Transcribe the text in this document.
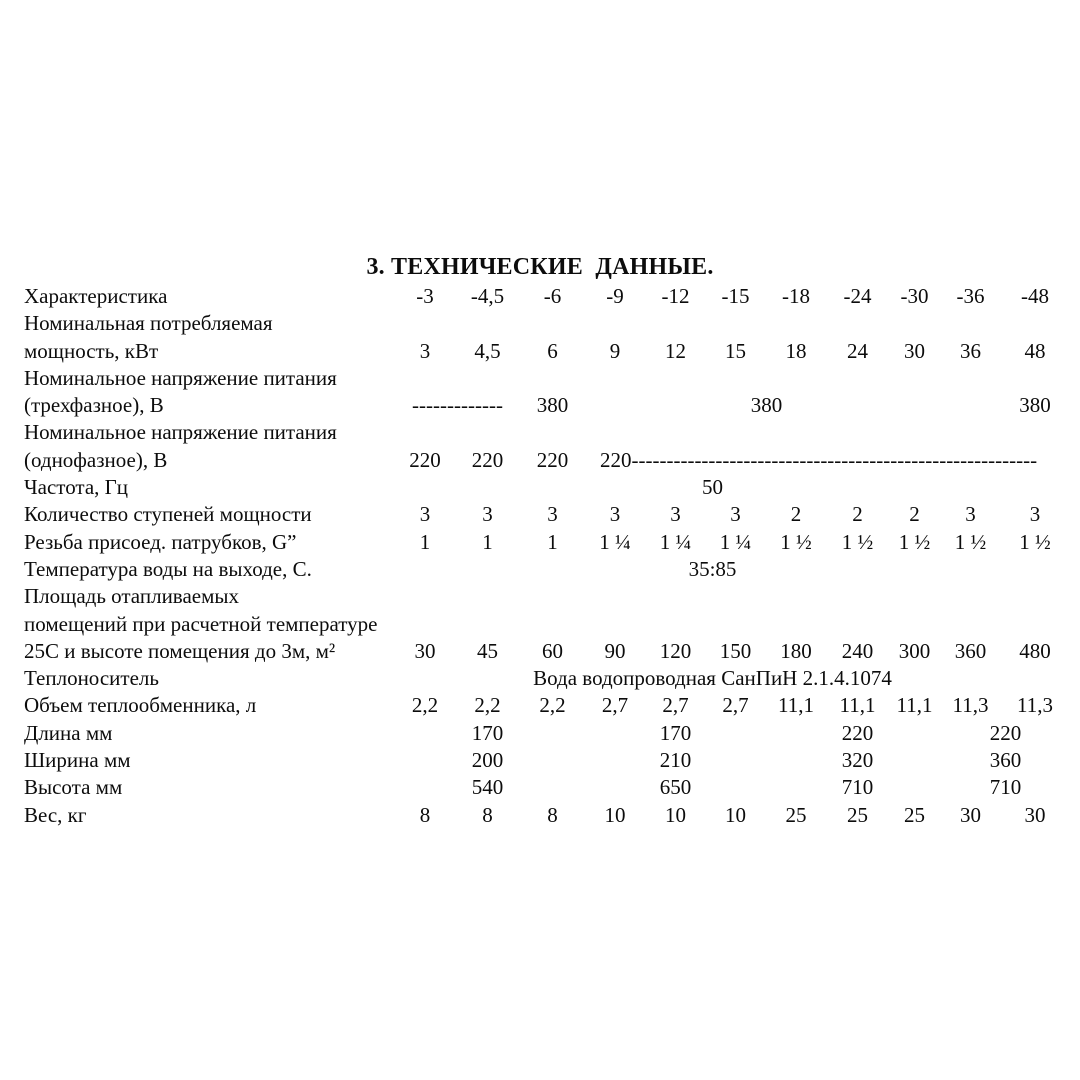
3. ТЕХНИЧЕСКИЕ  ДАННЫЕ.
Характеристика	-3	-4,5	-6	-9	-12	-15	-18	-24	-30	-36	-48
Номинальная потребляемая											
мощность, кВт	3	4,5	6	9	12	15	18	24	30	36	48
Номинальное напряжение питания											
(трехфазное), В	-------------		380			380					380
Номинальное напряжение питания											
(однофазное), В	220	220	220	220----------------------------------------------------------							
Частота, Гц	50										
Количество ступеней мощности	3	3	3	3	3	3	2	2	2	3	3
Резьба присоед. патрубков, G”	1	1	1	1 ¼	1 ¼	1 ¼	1 ½	1 ½	1 ½	1 ½	1 ½
Температура воды на выходе, С.	35:85										
Площадь отапливаемых											
помещений при расчетной температуре											
25С и высоте помещения до 3м, м²	30	45	60	90	120	150	180	240	300	360	480
Теплоноситель	Вода водопроводная СанПиН 2.1.4.1074										
Объем теплообменника, л	2,2	2,2	2,2	2,7	2,7	2,7	11,1	11,1	11,1	11,3	11,3
Длина мм		170			170			220		220	
Ширина мм		200			210			320		360	
Высота мм		540			650			710		710	
Вес, кг	8	8	8	10	10	10	25	25	25	30	30
